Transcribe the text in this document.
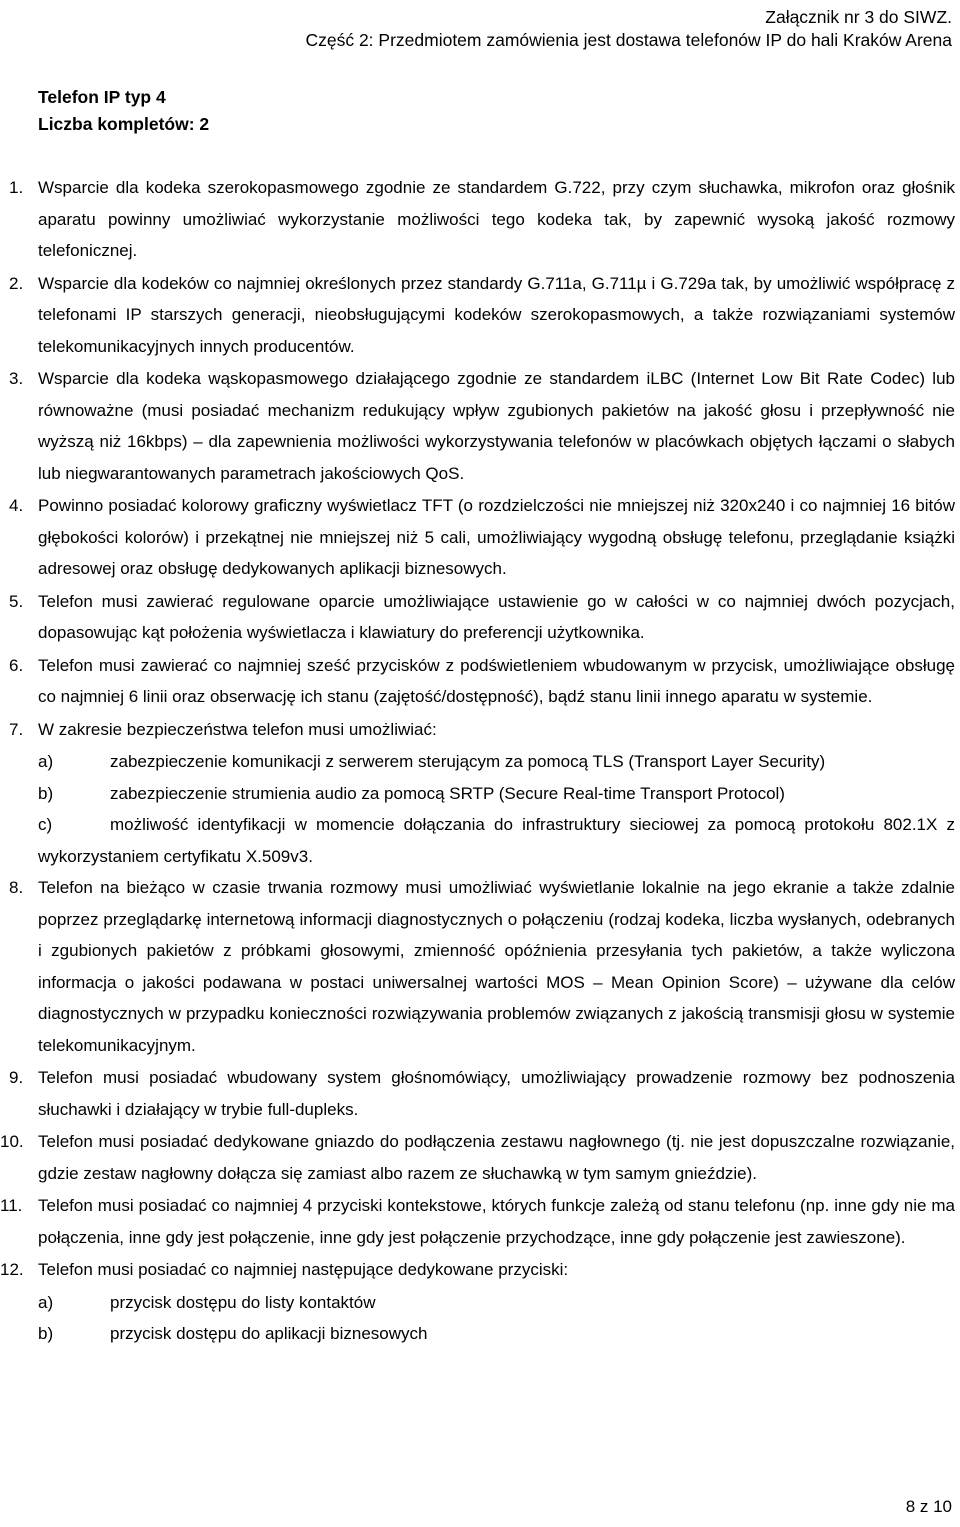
Załącznik nr 3 do SIWZ.
Część 2: Przedmiotem zamówienia jest dostawa telefonów IP do hali Kraków Arena
Telefon IP typ 4
Liczba kompletów: 2
1. Wsparcie dla kodeka szerokopasmowego zgodnie ze standardem G.722, przy czym słuchawka, mikrofon oraz głośnik aparatu powinny umożliwiać wykorzystanie możliwości tego kodeka tak, by zapewnić wysoką jakość rozmowy telefonicznej.
2. Wsparcie dla kodeków co najmniej określonych przez standardy G.711a, G.711µ i G.729a tak, by umożliwić współpracę z telefonami IP starszych generacji, nieobsługującymi kodeków szerokopasmowych, a także rozwiązaniami systemów telekomunikacyjnych innych producentów.
3. Wsparcie dla kodeka wąskopasmowego działającego zgodnie ze standardem iLBC (Internet Low Bit Rate Codec) lub równoważne (musi posiadać mechanizm redukujący wpływ zgubionych pakietów na jakość głosu i przepływność nie wyższą niż 16kbps) – dla zapewnienia możliwości wykorzystywania telefonów w placówkach objętych łączami o słabych lub niegwarantowanych parametrach jakościowych QoS.
4. Powinno posiadać kolorowy graficzny wyświetlacz TFT (o rozdzielczości nie mniejszej niż 320x240 i co najmniej 16 bitów głębokości kolorów) i przekątnej nie mniejszej niż 5 cali, umożliwiający wygodną obsługę telefonu, przeglądanie książki adresowej oraz obsługę dedykowanych aplikacji biznesowych.
5. Telefon musi zawierać regulowane oparcie umożliwiające ustawienie go w całości w co najmniej dwóch pozycjach, dopasowując kąt położenia wyświetlacza i klawiatury do preferencji użytkownika.
6. Telefon musi zawierać co najmniej sześć przycisków z podświetleniem wbudowanym w przycisk, umożliwiające obsługę co najmniej 6 linii oraz obserwację ich stanu (zajętość/dostępność), bądź stanu linii innego aparatu w systemie.
7. W zakresie bezpieczeństwa telefon musi umożliwiać:
a)	zabezpieczenie komunikacji z serwerem sterującym za pomocą TLS (Transport Layer Security)
b)	zabezpieczenie strumienia audio za pomocą SRTP (Secure Real-time Transport Protocol)
c)	możliwość identyfikacji w momencie dołączania do infrastruktury sieciowej za pomocą protokołu 802.1X z wykorzystaniem certyfikatu X.509v3.
8. Telefon na bieżąco w czasie trwania rozmowy musi umożliwiać wyświetlanie lokalnie na jego ekranie a także zdalnie poprzez przeglądarkę internetową informacji diagnostycznych o połączeniu (rodzaj kodeka, liczba wysłanych, odebranych i zgubionych pakietów z próbkami głosowymi, zmienność opóźnienia przesyłania tych pakietów, a także wyliczona informacja o jakości podawana w postaci uniwersalnej wartości MOS – Mean Opinion Score) – używane dla celów diagnostycznych w przypadku konieczności rozwiązywania problemów związanych z jakością transmisji głosu w systemie telekomunikacyjnym.
9. Telefon musi posiadać wbudowany system głośnomówiący, umożliwiający prowadzenie rozmowy bez podnoszenia słuchawki i działający w trybie full-dupleks.
10. Telefon musi posiadać dedykowane gniazdo do podłączenia zestawu nagłownego (tj. nie jest dopuszczalne rozwiązanie, gdzie zestaw nagłowny dołącza się zamiast albo razem ze słuchawką w tym samym gnieździe).
11. Telefon musi posiadać co najmniej 4 przyciski kontekstowe, których funkcje zależą od stanu telefonu (np. inne gdy nie ma połączenia, inne gdy jest połączenie, inne gdy jest połączenie przychodzące, inne gdy połączenie jest zawieszone).
12. Telefon musi posiadać co najmniej następujące dedykowane przyciski:
a)	przycisk dostępu do listy kontaktów
b)	przycisk dostępu do aplikacji biznesowych
8 z 10
